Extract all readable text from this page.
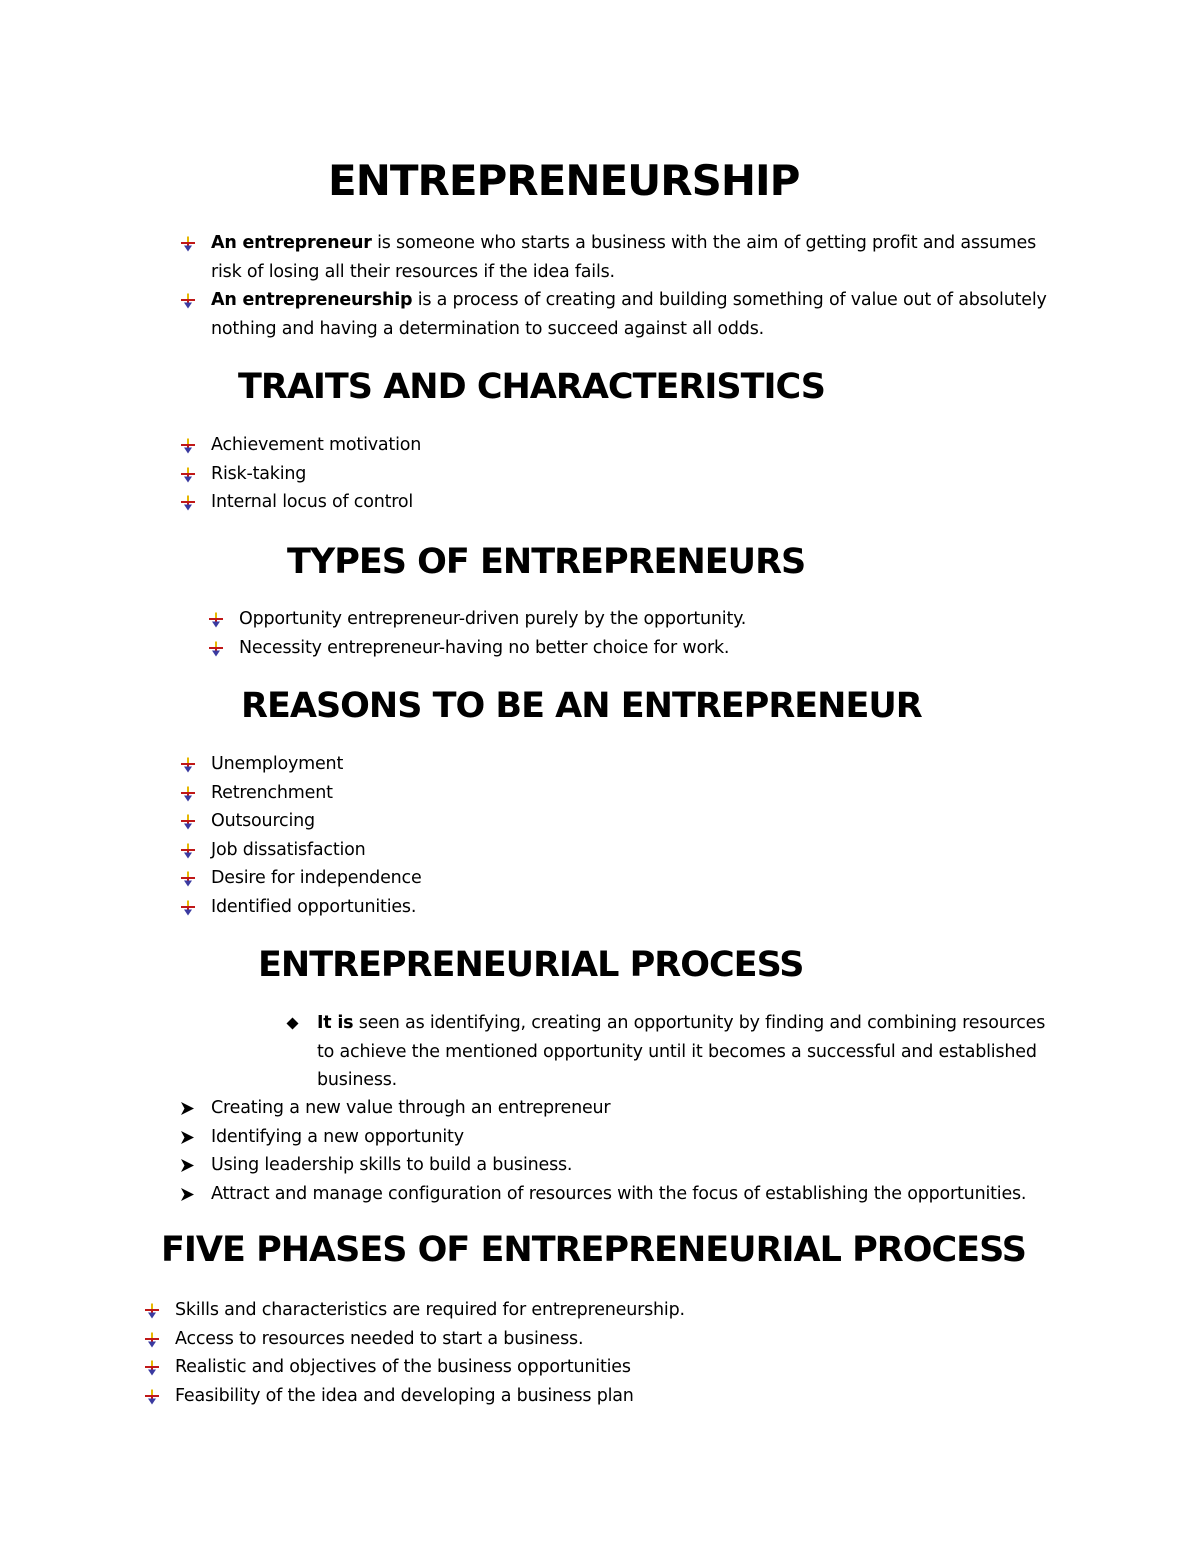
ENTREPRENEURSHIP
An entrepreneur is someone who starts a business with the aim of getting profit and assumes risk of losing all their resources if the idea fails.
An entrepreneurship is a process of creating and building something of value out of absolutely nothing and having a determination to succeed against all odds.
TRAITS AND CHARACTERISTICS
Achievement motivation
Risk-taking
Internal locus of control
TYPES OF ENTREPRENEURS
Opportunity entrepreneur-driven purely by the opportunity.
Necessity entrepreneur-having no better choice for work.
REASONS TO BE AN ENTREPRENEUR
Unemployment
Retrenchment
Outsourcing
Job dissatisfaction
Desire for independence
Identified opportunities.
ENTREPRENEURIAL PROCESS
It is seen as identifying, creating an opportunity by finding and combining resources to achieve the mentioned opportunity until it becomes a successful and established business.
Creating a new value through an entrepreneur
Identifying a new opportunity
Using leadership skills to build a business.
Attract and manage configuration of resources with the focus of establishing the opportunities.
FIVE PHASES OF ENTREPRENEURIAL PROCESS
Skills and characteristics are required for entrepreneurship.
Access to resources needed to start a business.
Realistic and objectives of the business opportunities
Feasibility of the idea and developing a business plan
